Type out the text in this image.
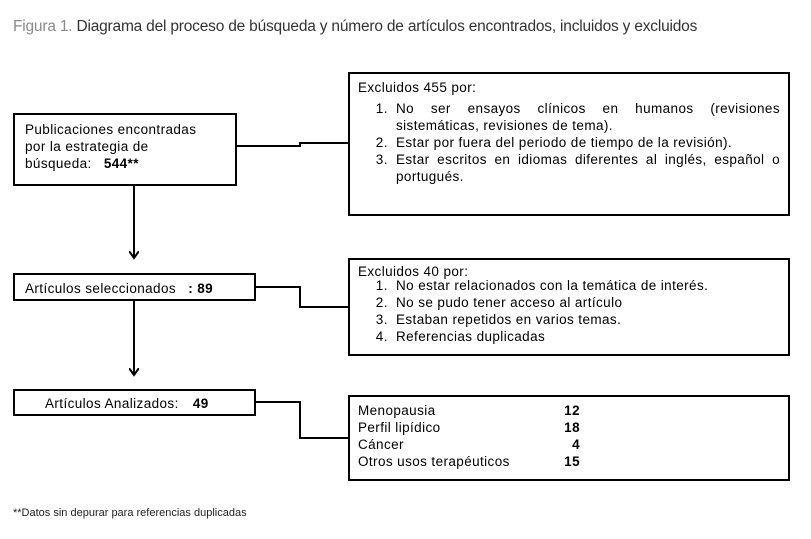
Figura 1. Diagrama del proceso de búsqueda y número de artículos encontrados, incluidos y excluidos
Publicaciones encontradas
por la estrategia de
búsqueda: 544**
Excluidos 455 por:
1. No ser ensayos clínicos en humanos (revisiones sistemáticas, revisiones de tema).
2. Estar por fuera del periodo de tiempo de la revisión).
3. Estar escritos en idiomas diferentes al inglés, español o portugués.
Artículos seleccionados : 89
Excluidos 40 por:
1. No estar relacionados con la temática de interés.
2. No se pudo tener acceso al artículo
3. Estaban repetidos en varios temas.
4. Referencias duplicadas
Artículos Analizados: 49	Menopausia	12
Perfil lipídico	18
Cáncer	4
Otros usos terapéuticos	15
**Datos sin depurar para referencias duplicadas
